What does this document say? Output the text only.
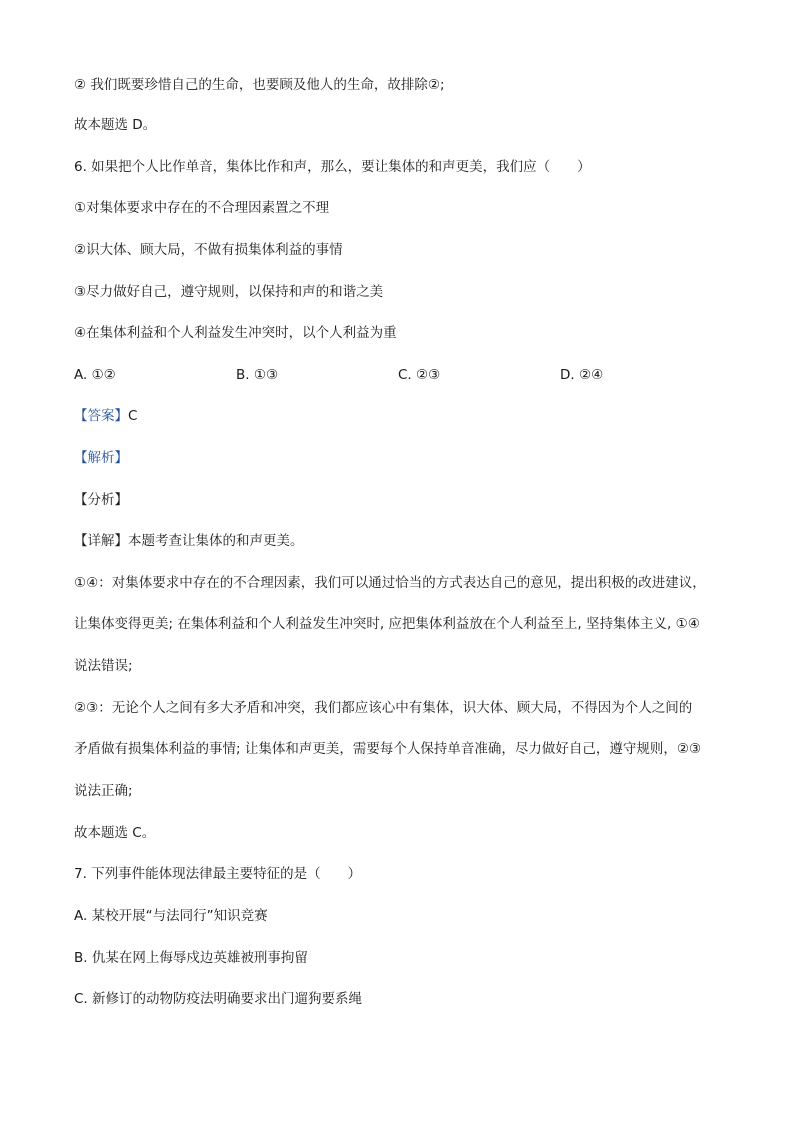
② 我们既要珍惜自己的生命，也要顾及他人的生命，故排除②;
故本题选 D。
6. 如果把个人比作单音，集体比作和声，那么，要让集体的和声更美，我们应（　　）
①对集体要求中存在的不合理因素置之不理
②识大体、顾大局，不做有损集体利益的事情
③尽力做好自己，遵守规则，以保持和声的和谐之美
④在集体利益和个人利益发生冲突时，以个人利益为重
A. ①②	B. ①③	C. ②③	D. ②④
【答案】C
【解析】
【分析】
【详解】本题考查让集体的和声更美。
①④：对集体要求中存在的不合理因素，我们可以通过恰当的方式表达自己的意见，提出积极的改进建议，
让集体变得更美; 在集体利益和个人利益发生冲突时, 应把集体利益放在个人利益至上, 坚持集体主义, ①④
说法错误;
②③：无论个人之间有多大矛盾和冲突，我们都应该心中有集体，识大体、顾大局，不得因为个人之间的
矛盾做有损集体利益的事情; 让集体和声更美，需要每个人保持单音准确，尽力做好自己，遵守规则，②③
说法正确;
故本题选 C。
7. 下列事件能体现法律最主要特征的是（　　）
A. 某校开展“与法同行”知识竞赛
B. 仇某在网上侮辱戍边英雄被刑事拘留
C. 新修订的动物防疫法明确要求出门遛狗要系绳
